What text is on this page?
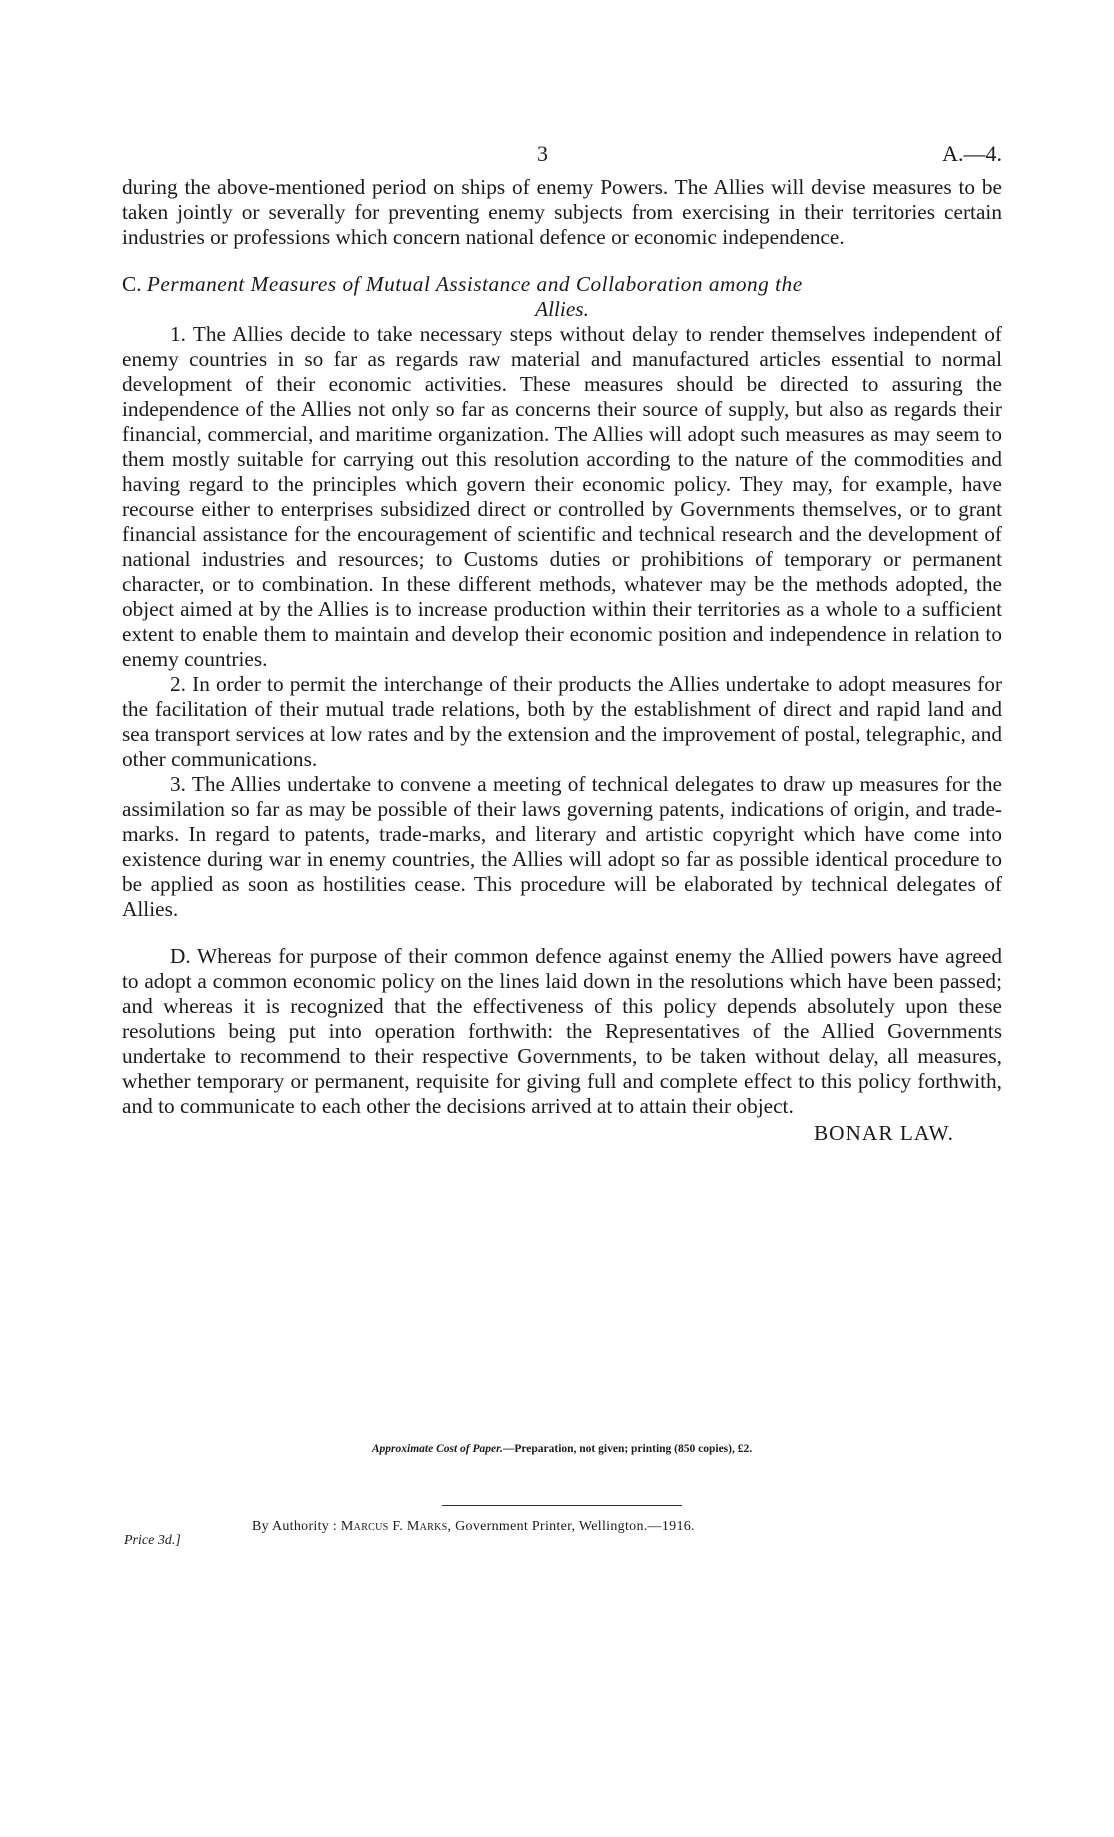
3	A.—4.

during the above-mentioned period on ships of enemy Powers. The Allies will devise measures to be taken jointly or severally for preventing enemy subjects from exercising in their territories certain industries or professions which concern national defence or economic independence.

C. Permanent Measures of Mutual Assistance and Collaboration among the

Allies.

1. The Allies decide to take necessary steps without delay to render themselves independent of enemy countries in so far as regards raw material and manufactured articles essential to normal development of their economic activities. These measures should be directed to assuring the independence of the Allies not only so far as concerns their source of supply, but also as regards their financial, commercial, and maritime organization. The Allies will adopt such measures as may seem to them mostly suitable for carrying out this resolution according to the nature of the commodities and having regard to the principles which govern their economic policy. They may, for example, have recourse either to enterprises subsidized direct or controlled by Governments themselves, or to grant financial assistance for the encouragement of scientific and technical research and the development of national industries and resources; to Customs duties or prohibitions of temporary or permanent character, or to combination. In these different methods, whatever may be the methods adopted, the object aimed at by the Allies is to increase production within their territories as a whole to a sufficient extent to enable them to maintain and develop their economic position and independence in relation to enemy countries.

2. In order to permit the interchange of their products the Allies undertake to adopt measures for the facilitation of their mutual trade relations, both by the establishment of direct and rapid land and sea transport services at low rates and by the extension and the improvement of postal, telegraphic, and other communications.

3. The Allies undertake to convene a meeting of technical delegates to draw up measures for the assimilation so far as may be possible of their laws governing patents, indications of origin, and trade-marks. In regard to patents, trade-marks, and literary and artistic copyright which have come into existence during war in enemy countries, the Allies will adopt so far as possible identical procedure to be applied as soon as hostilities cease. This procedure will be elaborated by technical delegates of Allies.

D. Whereas for purpose of their common defence against enemy the Allied powers have agreed to adopt a common economic policy on the lines laid down in the resolutions which have been passed; and whereas it is recognized that the effectiveness of this policy depends absolutely upon these resolutions being put into operation forthwith: the Representatives of the Allied Governments undertake to recommend to their respective Governments, to be taken without delay, all measures, whether temporary or permanent, requisite for giving full and complete effect to this policy forthwith, and to communicate to each other the decisions arrived at to attain their object.

BONAR LAW.

Approximate Cost of Paper.—Preparation, not given; printing (850 copies), £2.
Price 3d.]
By Authority : Marcus F. Marks, Government Printer, Wellington.—1916.
